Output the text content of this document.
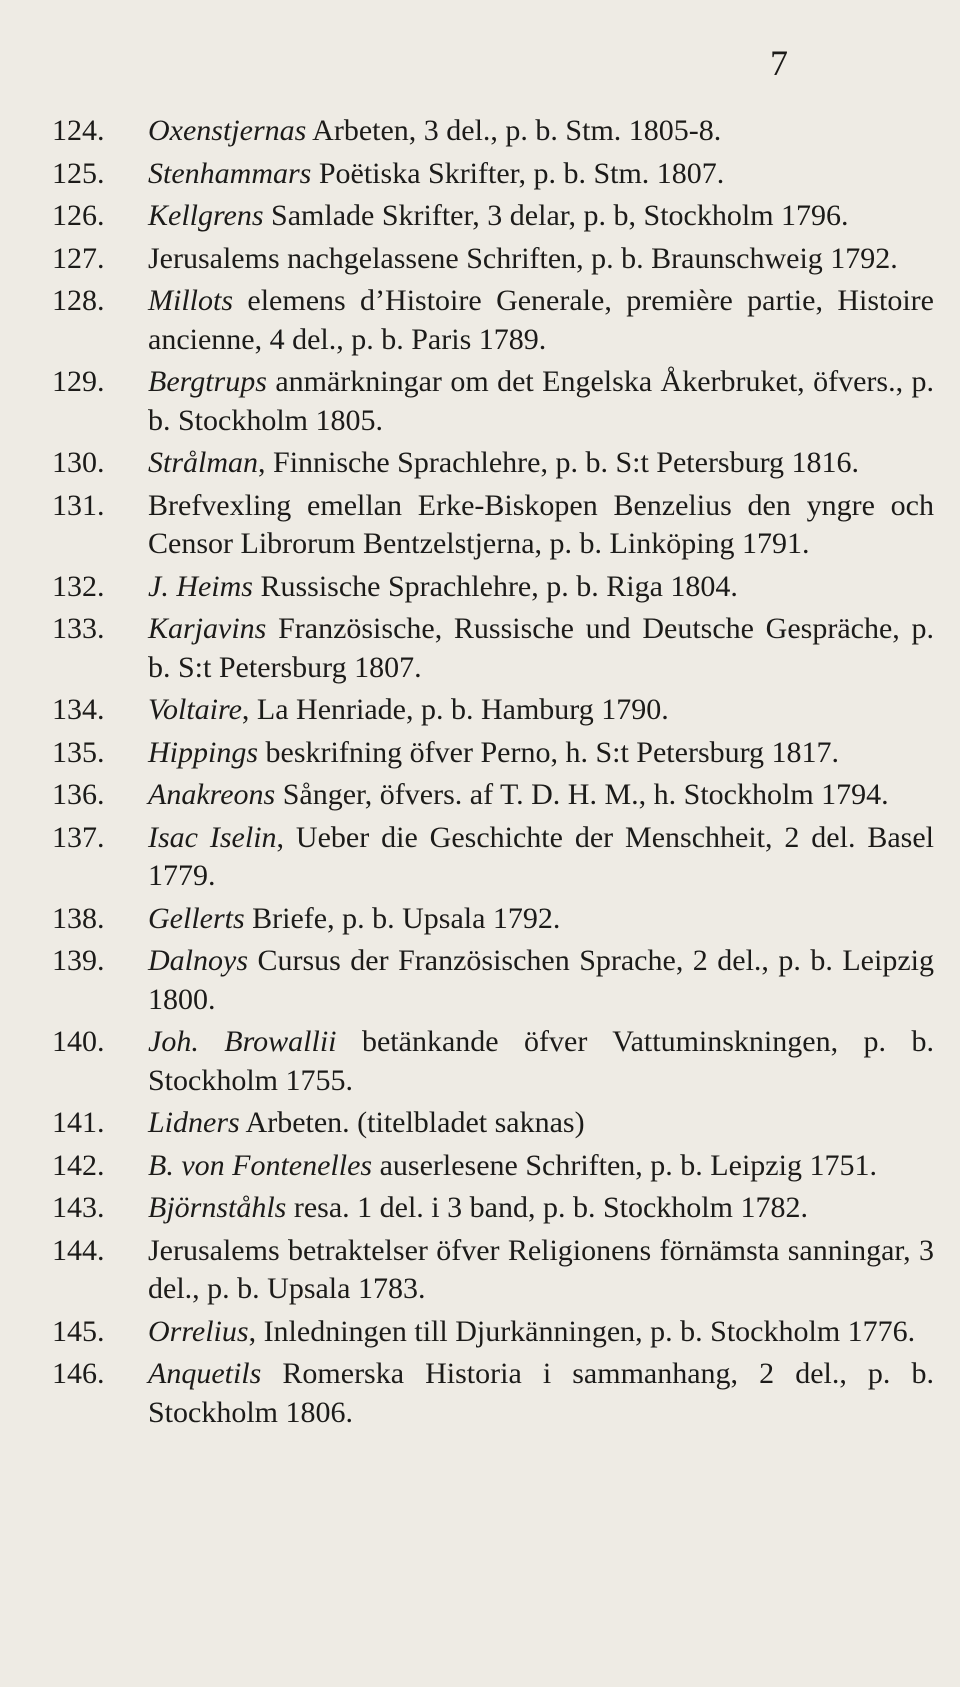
7
124.	Oxenstjernas Arbeten, 3 del., p. b. Stm. 1805-8.
125.	Stenhammars Poëtiska Skrifter, p. b. Stm. 1807.
126.	Kellgrens Samlade Skrifter, 3 delar, p. b, Stockholm 1796.
127.	Jerusalems nachgelassene Schriften, p. b. Braunschweig 1792.
128.	Millots elemens d’Histoire Generale, première partie, Histoire ancienne, 4 del., p. b. Paris 1789.
129.	Bergtrups anmärkningar om det Engelska Åkerbruket, öfvers., p. b. Stockholm 1805.
130.	Strålman, Finnische Sprachlehre, p. b. S:t Petersburg 1816.
131.	Brefvexling emellan Erke-Biskopen Benzelius den yngre och Censor Librorum Bentzelstjerna, p. b. Linköping 1791.
132.	J. Heims Russische Sprachlehre, p. b. Riga 1804.
133.	Karjavins Französische, Russische und Deutsche Gespräche, p. b. S:t Petersburg 1807.
134.	Voltaire, La Henriade, p. b. Hamburg 1790.
135.	Hippings beskrifning öfver Perno, h. S:t Petersburg 1817.
136.	Anakreons Sånger, öfvers. af T. D. H. M., h. Stockholm 1794.
137.	Isac Iselin, Ueber die Geschichte der Menschheit, 2 del. Basel 1779.
138.	Gellerts Briefe, p. b. Upsala 1792.
139.	Dalnoys Cursus der Französischen Sprache, 2 del., p. b. Leipzig 1800.
140.	Joh. Browallii betänkande öfver Vattuminskningen, p. b. Stockholm 1755.
141.	Lidners Arbeten. (titelbladet saknas)
142.	B. von Fontenelles auserlesene Schriften, p. b. Leipzig 1751.
143.	Björnståhls resa. 1 del. i 3 band, p. b. Stockholm 1782.
144.	Jerusalems betraktelser öfver Religionens förnämsta sanningar, 3 del., p. b. Upsala 1783.
145.	Orrelius, Inledningen till Djurkänningen, p. b. Stockholm 1776.
146.	Anquetils Romerska Historia i sammanhang, 2 del., p. b. Stockholm 1806.
